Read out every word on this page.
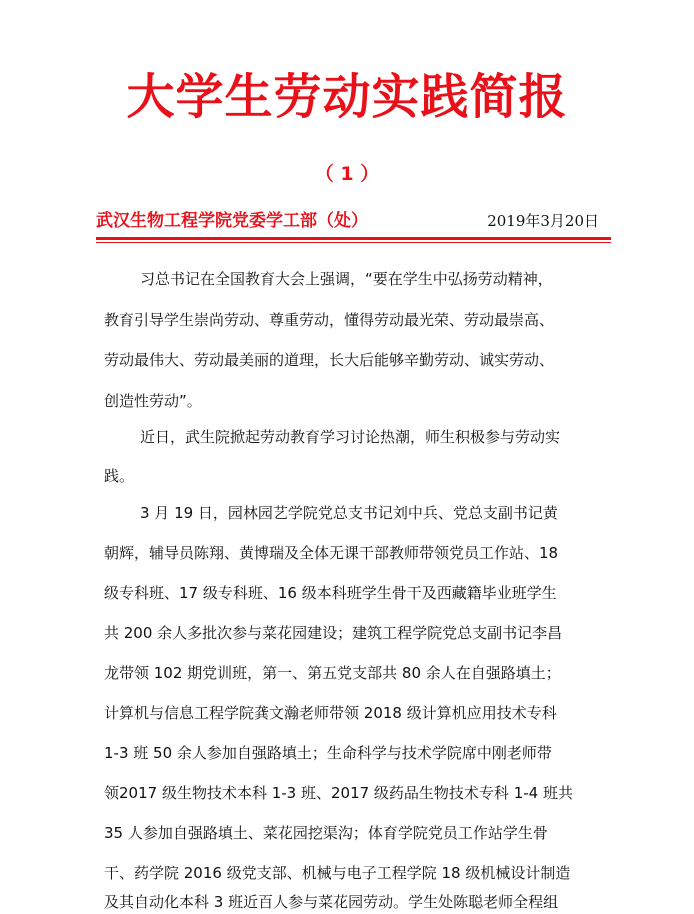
大学生劳动实践简报
（ 1 ）
武汉生物工程学院党委学工部（处）	2019年3月20日
习总书记在全国教育大会上强调，“要在学生中弘扬劳动精神，
教育引导学生崇尚劳动、尊重劳动，懂得劳动最光荣、劳动最崇高、
劳动最伟大、劳动最美丽的道理，长大后能够辛勤劳动、诚实劳动、
创造性劳动”。
近日，武生院掀起劳动教育学习讨论热潮，师生积极参与劳动实
践。
3 月 19 日，园林园艺学院党总支书记刘中兵、党总支副书记黄
朝辉，辅导员陈翔、黄博瑞及全体无课干部教师带领党员工作站、18
级专科班、17 级专科班、16 级本科班学生骨干及西藏籍毕业班学生
共 200 余人多批次参与菜花园建设；建筑工程学院党总支副书记李昌
龙带领 102 期党训班，第一、第五党支部共 80 余人在自强路填土；
计算机与信息工程学院龚文瀚老师带领 2018 级计算机应用技术专科
1-3 班 50 余人参加自强路填土；生命科学与技术学院席中刚老师带
领2017 级生物技术本科 1-3 班、2017 级药品生物技术专科 1-4 班共
35 人参加自强路填土、菜花园挖渠沟；体育学院党员工作站学生骨
干、药学院 2016 级党支部、机械与电子工程学院 18 级机械设计制造
及其自动化本科 3 班近百人参与菜花园劳动。学生处陈聪老师全程组
